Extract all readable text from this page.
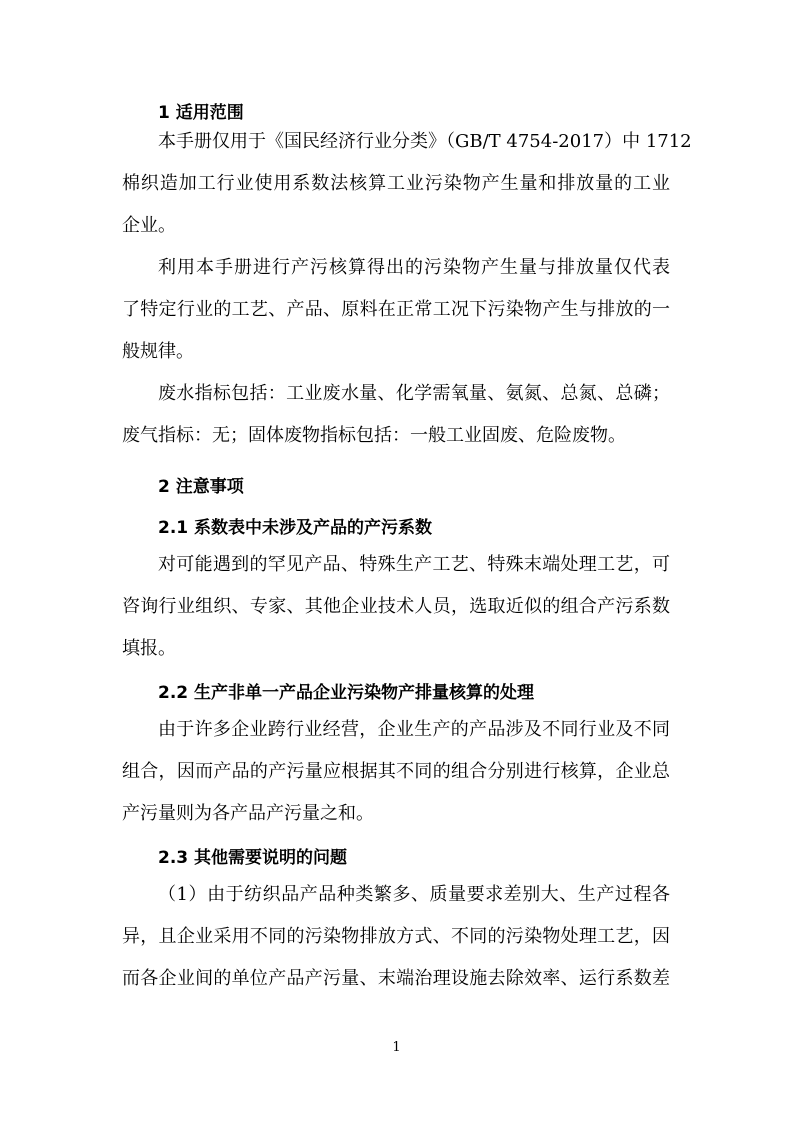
1 适用范围
本手册仅用于《国民经济行业分类》（GB/T 4754-2017）中 1712
棉织造加工行业使用系数法核算工业污染物产生量和排放量的工业
企业。
利用本手册进行产污核算得出的污染物产生量与排放量仅代表
了特定行业的工艺、产品、原料在正常工况下污染物产生与排放的一
般规律。
废水指标包括：工业废水量、化学需氧量、氨氮、总氮、总磷；
废气指标：无；固体废物指标包括：一般工业固废、危险废物。
2 注意事项
2.1 系数表中未涉及产品的产污系数
对可能遇到的罕见产品、特殊生产工艺、特殊末端处理工艺，可
咨询行业组织、专家、其他企业技术人员，选取近似的组合产污系数
填报。
2.2 生产非单一产品企业污染物产排量核算的处理
由于许多企业跨行业经营，企业生产的产品涉及不同行业及不同
组合，因而产品的产污量应根据其不同的组合分别进行核算，企业总
产污量则为各产品产污量之和。
2.3 其他需要说明的问题
（1）由于纺织品产品种类繁多、质量要求差别大、生产过程各
异，且企业采用不同的污染物排放方式、不同的污染物处理工艺，因
而各企业间的单位产品产污量、末端治理设施去除效率、运行系数差
1
